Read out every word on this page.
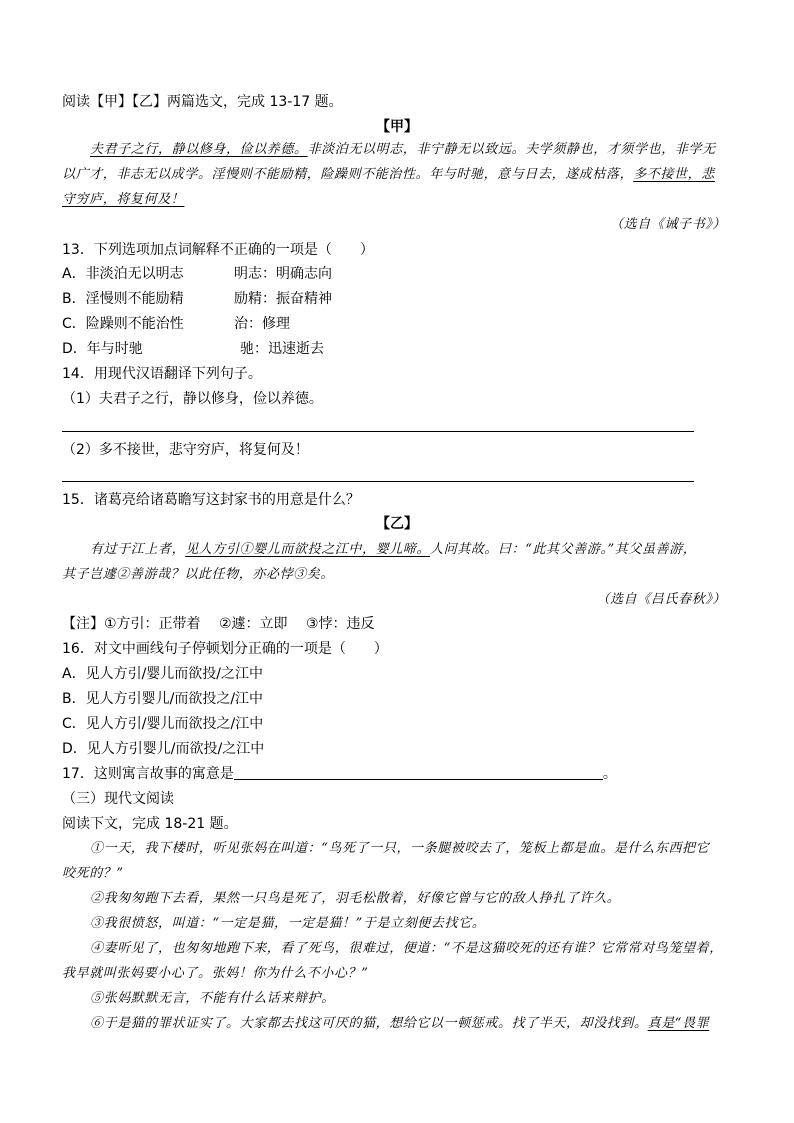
阅读【甲】【乙】两篇选文，完成 13-17 题。
【甲】
夫君子之行，静以修身，俭以养德。非淡泊无以明志，非宁静无以致远。夫学须静也，才须学也，非学无
以广才，非志无以成学。淫慢则不能励精，险躁则不能治性。年与时驰，意与日去，遂成枯落，多不接世，悲
守穷庐，将复何及！
（选自《诫子书》）
13．下列选项加点词解释不正确的一项是（　　）
A．非淡泊无以明志	明志：明确志向
B．淫慢则不能励精	励精：振奋精神
C．险躁则不能治性	治：修理
D．年与时驰	驰：迅速逝去
14．用现代汉语翻译下列句子。
（1）夫君子之行，静以修身，俭以养德。
（2）多不接世，悲守穷庐，将复何及！
15．诸葛亮给诸葛瞻写这封家书的用意是什么？
【乙】
有过于江上者，见人方引①婴儿而欲投之江中，婴儿啼。人问其故。曰：“此其父善游。”其父虽善游，
其子岂遽②善游哉？以此任物，亦必悖③矣。
（选自《吕氏春秋》）
【注】①方引：正带着　 ②遽：立即　 ③悖：违反
16．对文中画线句子停顿划分正确的一项是（　　）
A．见人方引/婴儿而欲投/之江中
B．见人方引婴儿/而欲投之/江中
C．见人方引/婴儿而欲投之/江中
D．见人方引婴儿/而欲投/之江中
17．这则寓言故事的寓意是	。
（三）现代文阅读
阅读下文，完成 18-21 题。
①一天，我下楼时，听见张妈在叫道：“鸟死了一只，一条腿被咬去了，笼板上都是血。是什么东西把它
咬死的？”
②我匆匆跑下去看，果然一只鸟是死了，羽毛松散着，好像它曾与它的敌人挣扎了许久。
③我很愤怒，叫道：“一定是猫，一定是猫！”于是立刻便去找它。
④妻听见了，也匆匆地跑下来，看了死鸟，很难过，便道：“不是这猫咬死的还有谁？它常常对鸟笼望着，
我早就叫张妈要小心了。张妈！你为什么不小心？”
⑤张妈默默无言，不能有什么话来辩护。
⑥于是猫的罪状证实了。大家都去找这可厌的猫，想给它以一顿惩戒。找了半天，却没找到。真是“畏罪
